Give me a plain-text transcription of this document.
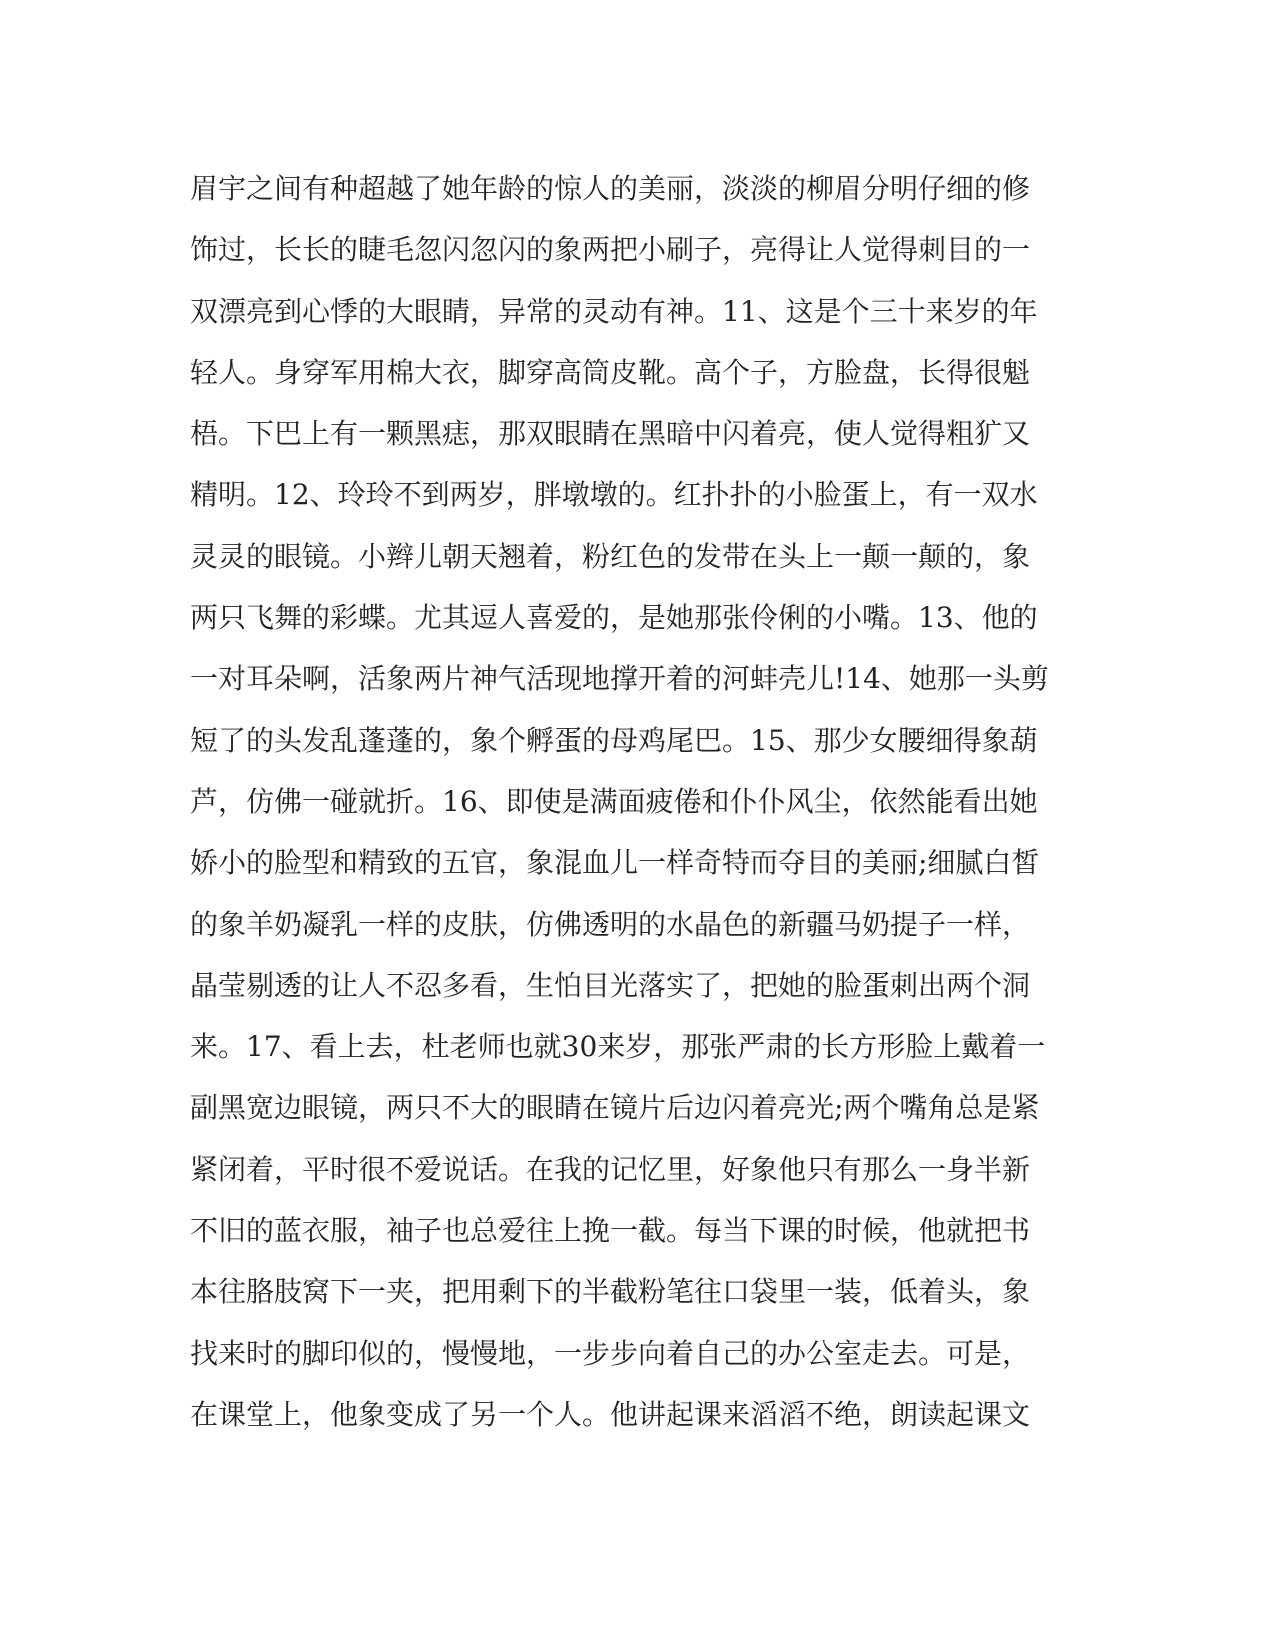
眉宇之间有种超越了她年龄的惊人的美丽，淡淡的柳眉分明仔细的修
饰过，长长的睫毛忽闪忽闪的象两把小刷子，亮得让人觉得刺目的一
双漂亮到心悸的大眼睛，异常的灵动有神。11、这是个三十来岁的年
轻人。身穿军用棉大衣，脚穿高筒皮靴。高个子，方脸盘，长得很魁
梧。下巴上有一颗黑痣，那双眼睛在黑暗中闪着亮，使人觉得粗犷又
精明。12、玲玲不到两岁，胖墩墩的。红扑扑的小脸蛋上，有一双水
灵灵的眼镜。小辫儿朝天翘着，粉红色的发带在头上一颠一颠的，象
两只飞舞的彩蝶。尤其逗人喜爱的，是她那张伶俐的小嘴。13、他的
一对耳朵啊，活象两片神气活现地撑开着的河蚌壳儿!14、她那一头剪
短了的头发乱蓬蓬的，象个孵蛋的母鸡尾巴。15、那少女腰细得象葫
芦，仿佛一碰就折。16、即使是满面疲倦和仆仆风尘，依然能看出她
娇小的脸型和精致的五官，象混血儿一样奇特而夺目的美丽;细腻白皙
的象羊奶凝乳一样的皮肤，仿佛透明的水晶色的新疆马奶提子一样，
晶莹剔透的让人不忍多看，生怕目光落实了，把她的脸蛋刺出两个洞
来。17、看上去，杜老师也就30来岁，那张严肃的长方形脸上戴着一
副黑宽边眼镜，两只不大的眼睛在镜片后边闪着亮光;两个嘴角总是紧
紧闭着，平时很不爱说话。在我的记忆里，好象他只有那么一身半新
不旧的蓝衣服，袖子也总爱往上挽一截。每当下课的时候，他就把书
本往胳肢窝下一夹，把用剩下的半截粉笔往口袋里一装，低着头，象
找来时的脚印似的，慢慢地，一步步向着自己的办公室走去。可是，
在课堂上，他象变成了另一个人。他讲起课来滔滔不绝，朗读起课文
